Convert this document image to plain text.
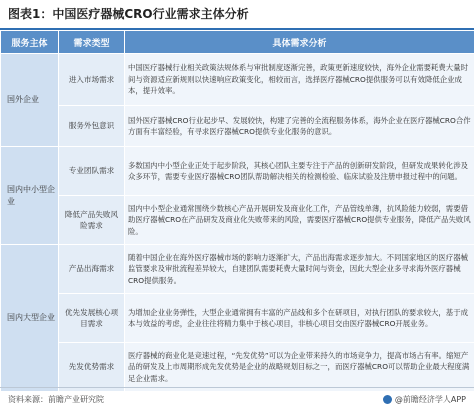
图表1：中国医疗器械CRO行业需求主体分析
服务主体	需求类型	具体需求分析
国外企业	进入市场需求	中国医疗器械行业相关政策法规体系与审批制度逐渐完善，政策更新速度较快，海外企业需要耗费大量时间与资源适应新规则以快速响应政策变化，相较而言，选择医疗器械CRO提供服务可以有效降低企业成本，提升效率。
	服务外包意识	国外医疗器械CRO行业起步早、发展较快，构建了完善的全流程服务体系，海外企业在医疗器械CRO合作方面有丰富经验，有寻求医疗器械CRO提供专业化服务的意识。
国内中小型企业	专业团队需求	多数国内中小型企业正处于起步阶段，其核心团队主要专注于产品的创新研发阶段，但研发成果转化涉及众多环节，需要专业医疗器械CRO团队帮助解决相关的检测检验、临床试验及注册申报过程中的问题。
	降低产品失败风险需求	国内中小型企业通常围绕少数核心产品开展研发及商业化工作，产品管线单薄，抗风险能力较弱，需要借助医疗器械CRO在产品研发及商业化失败带来的风险，需要医疗器械CRO提供专业服务，降低产品失败风险。
国内大型企业	产品出海需求	随着中国企业在海外医疗器械市场的影响力逐渐扩大，产品出海需求逐步加大。不同国家地区的医疗器械监管要求及审批流程差异较大，自建团队需要耗费大量时间与资金，因此大型企业多寻求海外医疗器械CRO提供服务。
	优先发展核心项目需求	为增加企业业务弹性，大型企业通常拥有丰富的产品线和多个在研项目，对执行团队的要求较大，基于成本与效益的考虑，企业往往将精力集中于核心项目，非核心项目交由医疗器械CRO开展业务。
	先发优势需求	医疗器械的商业化是竞速过程，“先发优势”可以为企业带来持久的市场竞争力，提高市场占有率。缩短产品的研发及上市周期形成先发优势是企业的战略规划目标之一，而医疗器械CRO可以帮助企业最大程度满足企业需求。
资料来源：前瞻产业研究院	@前瞻经济学人APP
